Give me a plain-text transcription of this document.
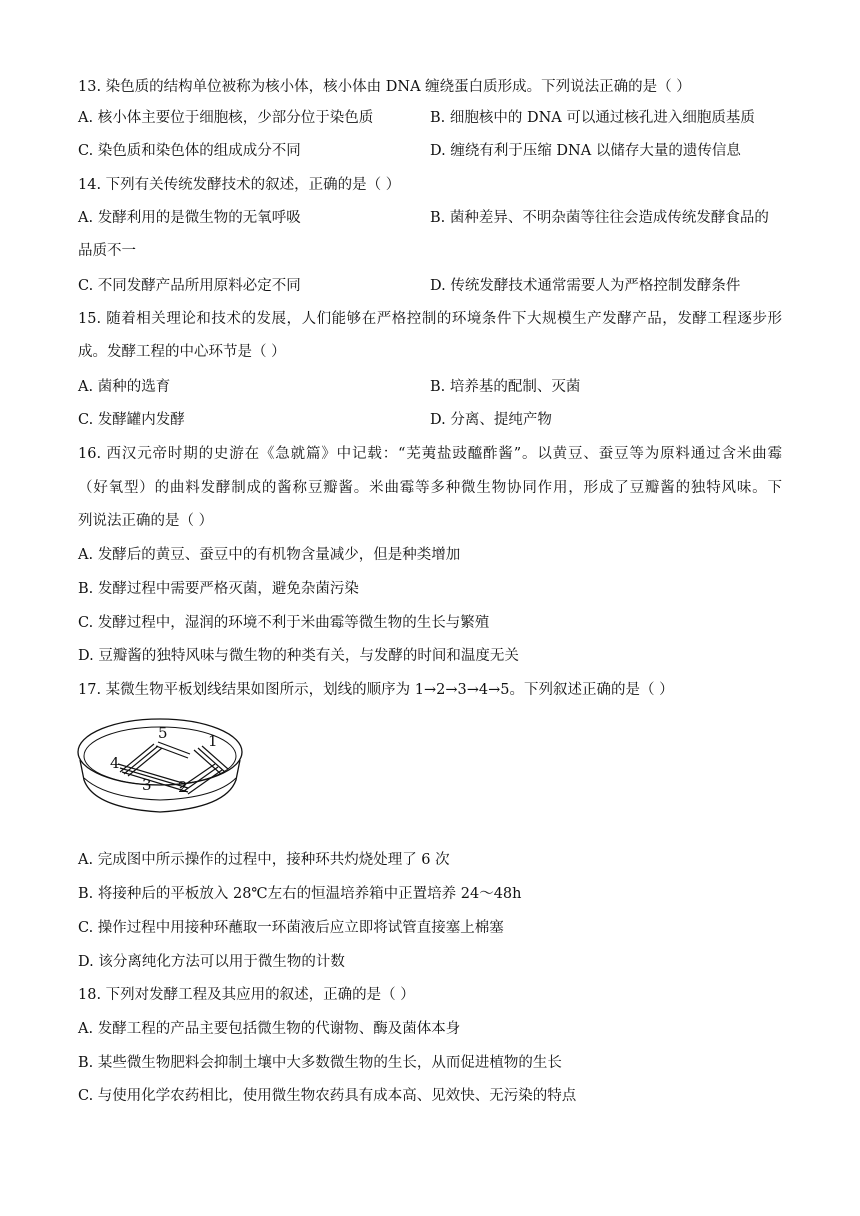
13. 染色质的结构单位被称为核小体，核小体由 DNA 缠绕蛋白质形成。下列说法正确的是（ ）
A. 核小体主要位于细胞核，少部分位于染色质	B. 细胞核中的 DNA 可以通过核孔进入细胞质基质
C. 染色质和染色体的组成成分不同	D. 缠绕有利于压缩 DNA 以储存大量的遗传信息
14. 下列有关传统发酵技术的叙述，正确的是（ ）
A. 发酵利用的是微生物的无氧呼吸	B. 菌种差异、不明杂菌等往往会造成传统发酵食品的
品质不一
C. 不同发酵产品所用原料必定不同	D. 传统发酵技术通常需要人为严格控制发酵条件
15. 随着相关理论和技术的发展，人们能够在严格控制的环境条件下大规模生产发酵产品，发酵工程逐步形
成。发酵工程的中心环节是（ ）
A. 菌种的选育	B. 培养基的配制、灭菌
C. 发酵罐内发酵	D. 分离、提纯产物
16. 西汉元帝时期的史游在《急就篇》中记载：“芜荑盐豉醯酢酱”。以黄豆、蚕豆等为原料通过含米曲霉
（好氧型）的曲料发酵制成的酱称豆瓣酱。米曲霉等多种微生物协同作用，形成了豆瓣酱的独特风味。下
列说法正确的是（ ）
A. 发酵后的黄豆、蚕豆中的有机物含量减少，但是种类增加
B. 发酵过程中需要严格灭菌，避免杂菌污染
C. 发酵过程中，湿润的环境不利于米曲霉等微生物的生长与繁殖
D. 豆瓣酱的独特风味与微生物的种类有关，与发酵的时间和温度无关
17. 某微生物平板划线结果如图所示，划线的顺序为 1→2→3→4→5。下列叙述正确的是（ ）
1
2
3
4
5
A. 完成图中所示操作的过程中，接种环共灼烧处理了 6 次
B. 将接种后的平板放入 28℃左右的恒温培养箱中正置培养 24～48h
C. 操作过程中用接种环蘸取一环菌液后应立即将试管直接塞上棉塞
D. 该分离纯化方法可以用于微生物的计数
18. 下列对发酵工程及其应用的叙述，正确的是（ ）
A. 发酵工程的产品主要包括微生物的代谢物、酶及菌体本身
B. 某些微生物肥料会抑制土壤中大多数微生物的生长，从而促进植物的生长
C. 与使用化学农药相比，使用微生物农药具有成本高、见效快、无污染的特点
